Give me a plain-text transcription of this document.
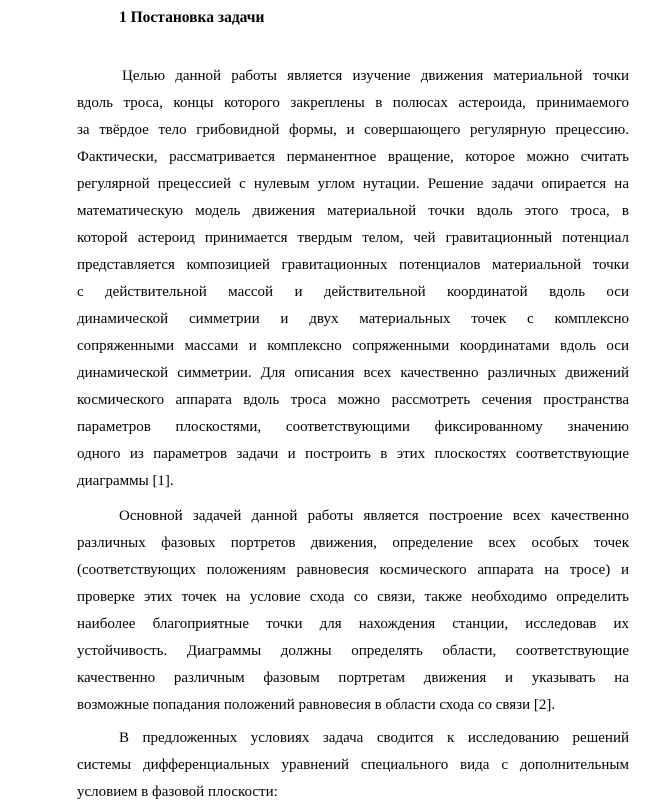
1 Постановка задачи
Целью данной работы является изучение движения материальной точки
вдоль троса, концы которого закреплены в полюсах астероида, принимаемого
за твёрдое тело грибовидной формы, и совершающего регулярную прецессию.
Фактически, рассматривается перманентное вращение, которое можно считать
регулярной прецессией с нулевым углом нутации. Решение задачи опирается на
математическую модель движения материальной точки вдоль этого троса, в
которой астероид принимается твердым телом, чей гравитационный потенциал
представляется композицией гравитационных потенциалов материальной точки
с действительной массой и действительной координатой вдоль оси
динамической симметрии и двух материальных точек с комплексно
сопряженными массами и комплексно сопряженными координатами вдоль оси
динамической симметрии. Для описания всех качественно различных движений
космического аппарата вдоль троса можно рассмотреть сечения пространства
параметров плоскостями, соответствующими фиксированному значению
одного из параметров задачи и построить в этих плоскостях соответствующие
диаграммы [1].
Основной задачей данной работы является построение всех качественно
различных фазовых портретов движения, определение всех особых точек
(соответствующих положениям равновесия космического аппарата на тросе) и
проверке этих точек на условие схода со связи, также необходимо определить
наиболее благоприятные точки для нахождения станции, исследовав их
устойчивость. Диаграммы должны определять области, соответствующие
качественно различным фазовым портретам движения и указывать на
возможные попадания положений равновесия в области схода со связи [2].
В предложенных условиях задача сводится к исследованию решений
системы дифференциальных уравнений специального вида с дополнительным
условием в фазовой плоскости:
